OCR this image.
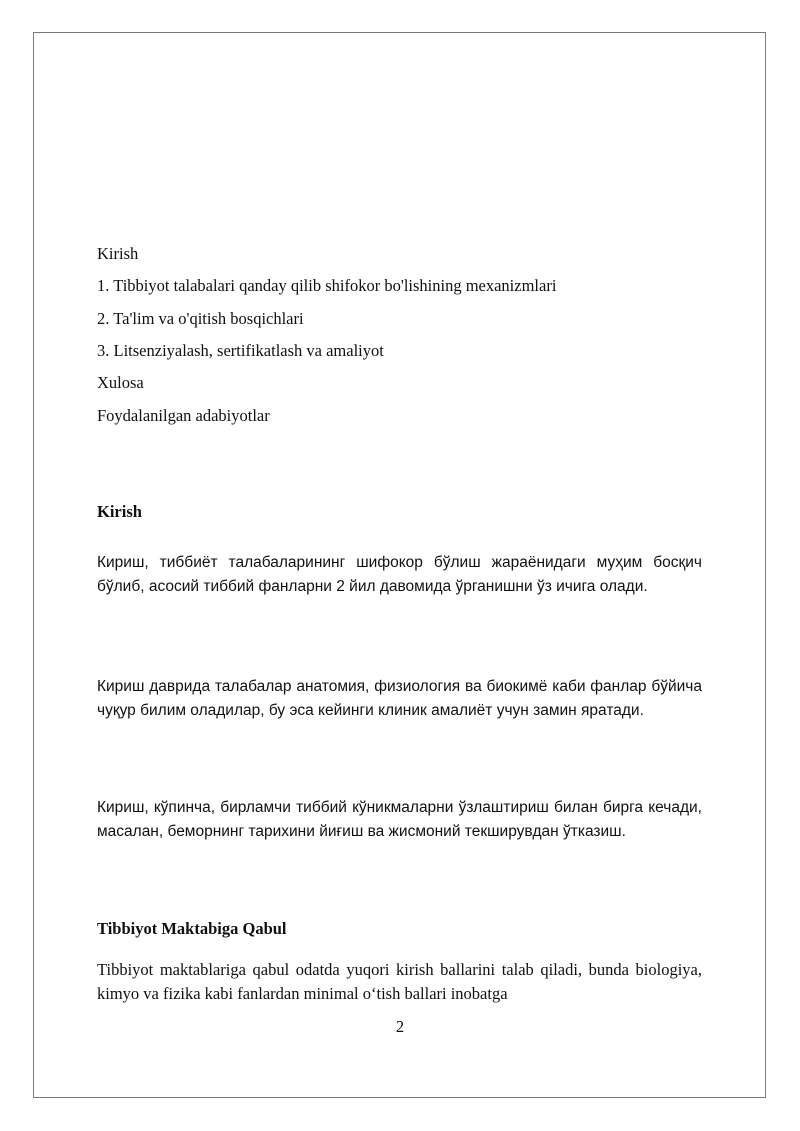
Kirish

1. Tibbiyot talabalari qanday qilib shifokor bo'lishining mexanizmlari

2. Ta'lim va o'qitish bosqichlari

3. Litsenziyalash, sertifikatlash va amaliyot

Xulosa

Foydalanilgan adabiyotlar

Kirish

Кириш, тиббиёт талабаларининг шифокор бўлиш жараёнидаги муҳим босқич бўлиб, асосий тиббий фанларни 2 йил давомида ўрганишни ўз ичига олади.

Кириш даврида талабалар анатомия, физиология ва биокимё каби фанлар бўйича чуқур билим оладилар, бу эса кейинги клиник амалиёт учун замин яратади.

Кириш, кўпинча, бирламчи тиббий кўникмаларни ўзлаштириш билан бирга кечади, масалан, беморнинг тарихини йиғиш ва жисмоний текширувдан ўтказиш.

Tibbiyot Maktabiga Qabul

Tibbiyot maktablariga qabul odatda yuqori kirish ballarini talab qiladi, bunda biologiya, kimyo va fizika kabi fanlardan minimal o‘tish ballari inobatga

2
